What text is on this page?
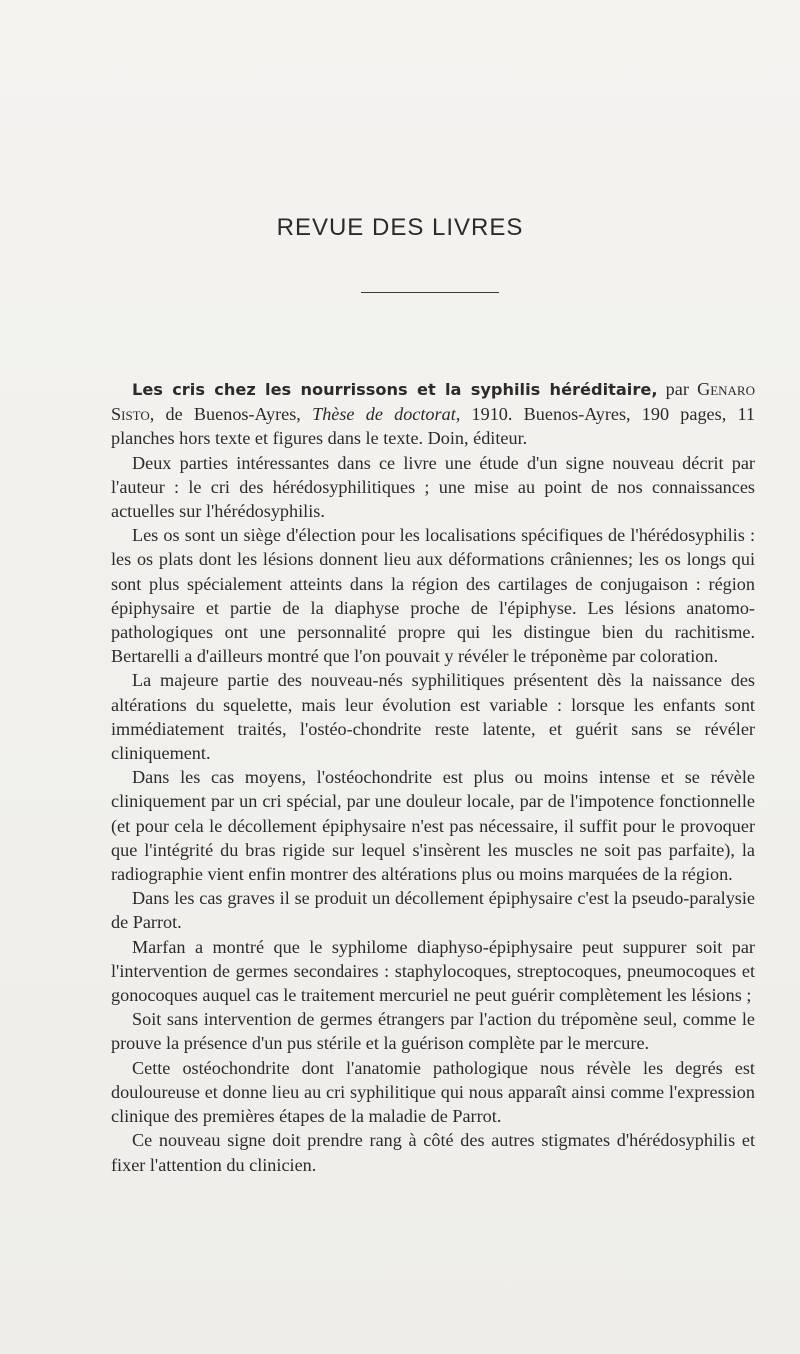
REVUE DES LIVRES

Les cris chez les nourrissons et la syphilis héréditaire, par Genaro Sisto, de Buenos-Ayres, Thèse de doctorat, 1910. Buenos-Ayres, 190 pages, 11 planches hors texte et figures dans le texte. Doin, éditeur.

Deux parties intéressantes dans ce livre une étude d'un signe nouveau décrit par l'auteur : le cri des hérédosyphilitiques ; une mise au point de nos connaissances actuelles sur l'hérédosyphilis.

Les os sont un siège d'élection pour les localisations spécifiques de l'hérédosyphilis : les os plats dont les lésions donnent lieu aux déformations crâniennes; les os longs qui sont plus spécialement atteints dans la région des cartilages de conjugaison : région épiphysaire et partie de la diaphyse proche de l'épiphyse. Les lésions anatomo-pathologiques ont une personnalité propre qui les distingue bien du rachitisme. Bertarelli a d'ailleurs montré que l'on pouvait y révéler le tréponème par coloration.

La majeure partie des nouveau-nés syphilitiques présentent dès la naissance des altérations du squelette, mais leur évolution est variable : lorsque les enfants sont immédiatement traités, l'ostéo-chondrite reste latente, et guérit sans se révéler cliniquement.

Dans les cas moyens, l'ostéochondrite est plus ou moins intense et se révèle cliniquement par un cri spécial, par une douleur locale, par de l'impotence fonctionnelle (et pour cela le décollement épiphysaire n'est pas nécessaire, il suffit pour le provoquer que l'intégrité du bras rigide sur lequel s'insèrent les muscles ne soit pas parfaite), la radiographie vient enfin montrer des altérations plus ou moins marquées de la région.

Dans les cas graves il se produit un décollement épiphysaire c'est la pseudo-paralysie de Parrot.

Marfan a montré que le syphilome diaphyso-épiphysaire peut suppurer soit par l'intervention de germes secondaires : staphylocoques, streptocoques, pneumocoques et gonocoques auquel cas le traitement mercuriel ne peut guérir complètement les lésions ;

Soit sans intervention de germes étrangers par l'action du trépomène seul, comme le prouve la présence d'un pus stérile et la guérison complète par le mercure.

Cette ostéochondrite dont l'anatomie pathologique nous révèle les degrés est douloureuse et donne lieu au cri syphilitique qui nous apparaît ainsi comme l'expression clinique des premières étapes de la maladie de Parrot.

Ce nouveau signe doit prendre rang à côté des autres stigmates d'hérédosyphilis et fixer l'attention du clinicien.
